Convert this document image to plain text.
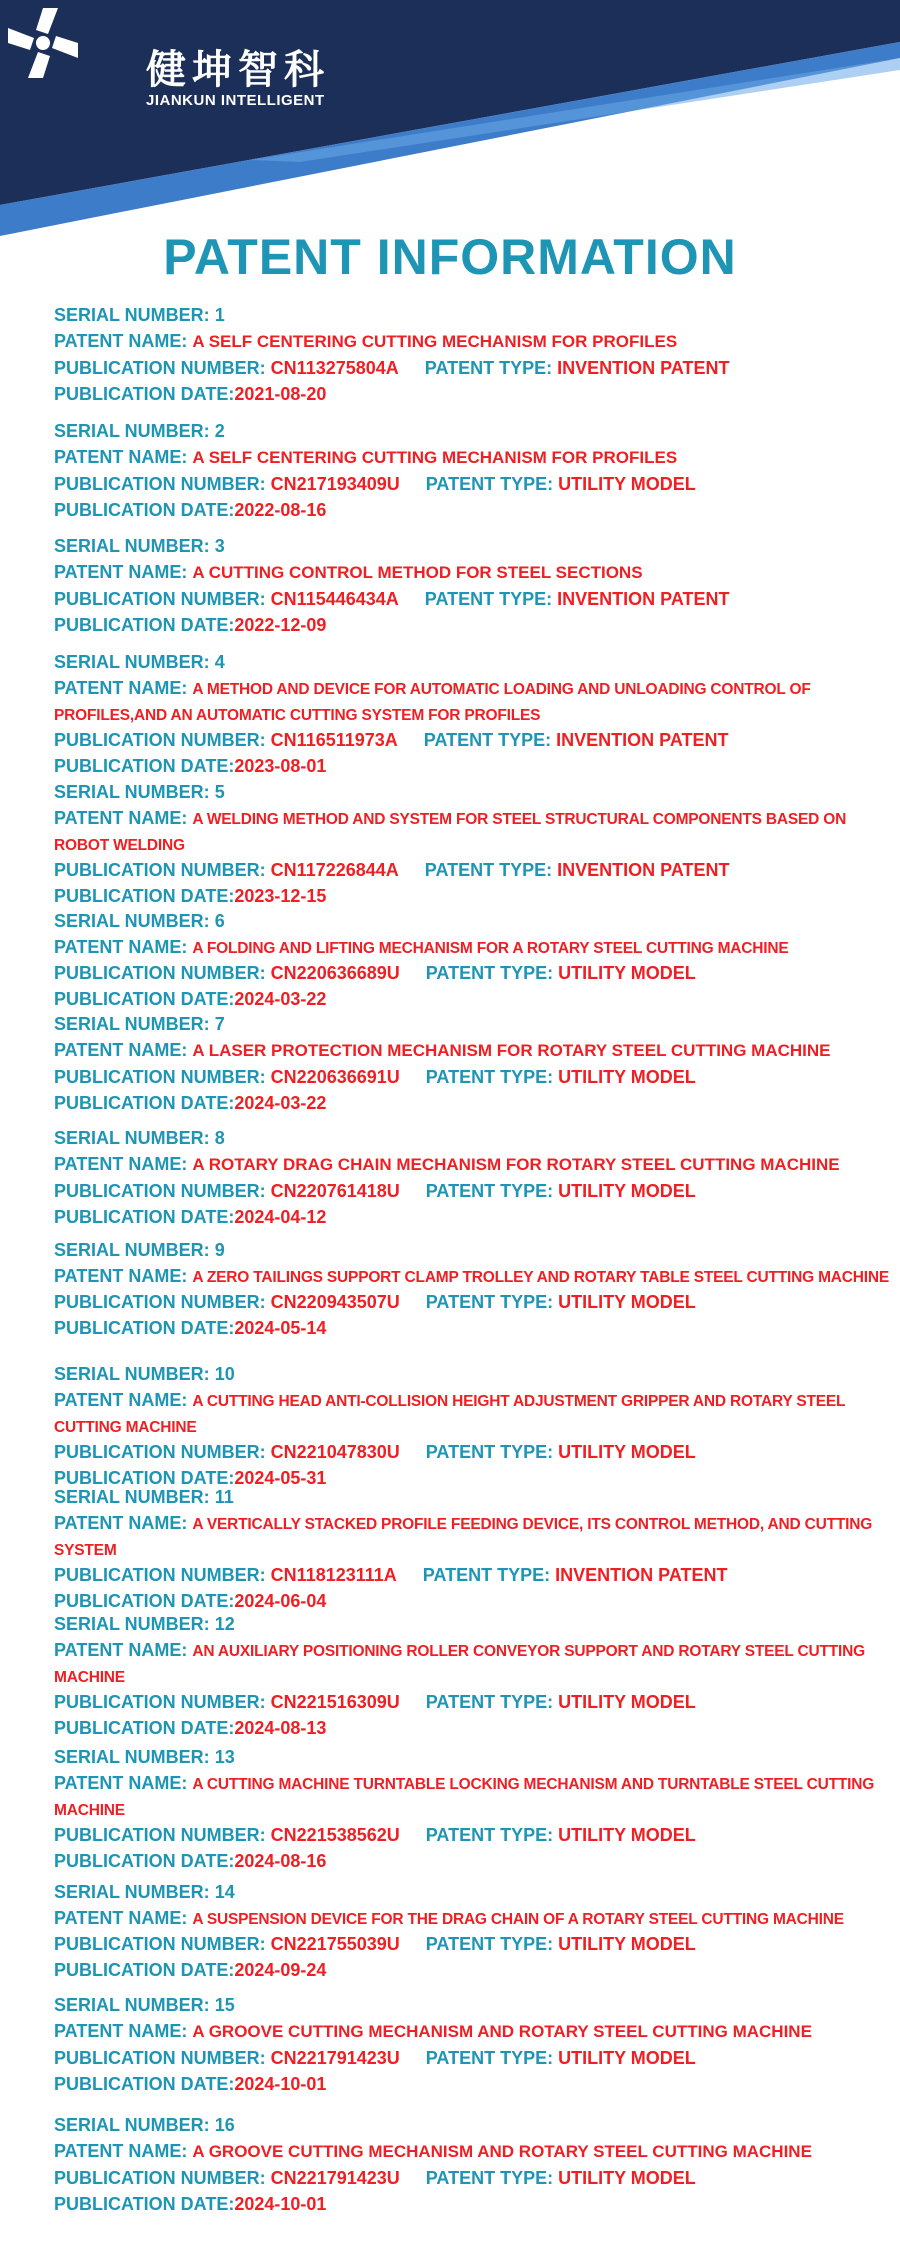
健坤智科
JIANKUN INTELLIGENT
PATENT INFORMATION
SERIAL NUMBER: 1
PATENT NAME: A SELF CENTERING CUTTING MECHANISM FOR PROFILES
PUBLICATION NUMBER: CN113275804A PATENT TYPE: INVENTION PATENT
PUBLICATION DATE:2021-08-20
SERIAL NUMBER: 2
PATENT NAME: A SELF CENTERING CUTTING MECHANISM FOR PROFILES
PUBLICATION NUMBER: CN217193409U PATENT TYPE: UTILITY MODEL
PUBLICATION DATE:2022-08-16
SERIAL NUMBER: 3
PATENT NAME: A CUTTING CONTROL METHOD FOR STEEL SECTIONS
PUBLICATION NUMBER: CN115446434A PATENT TYPE: INVENTION PATENT
PUBLICATION DATE:2022-12-09
SERIAL NUMBER: 4
PATENT NAME: A METHOD AND DEVICE FOR AUTOMATIC LOADING AND UNLOADING CONTROL OF PROFILES,AND AN AUTOMATIC CUTTING SYSTEM FOR PROFILES
PUBLICATION NUMBER: CN116511973A PATENT TYPE: INVENTION PATENT
PUBLICATION DATE:2023-08-01
SERIAL NUMBER: 5
PATENT NAME: A WELDING METHOD AND SYSTEM FOR STEEL STRUCTURAL COMPONENTS BASED ON ROBOT WELDING
PUBLICATION NUMBER: CN117226844A PATENT TYPE: INVENTION PATENT
PUBLICATION DATE:2023-12-15
SERIAL NUMBER: 6
PATENT NAME: A FOLDING AND LIFTING MECHANISM FOR A ROTARY STEEL CUTTING MACHINE
PUBLICATION NUMBER: CN220636689U PATENT TYPE: UTILITY MODEL
PUBLICATION DATE:2024-03-22
SERIAL NUMBER: 7
PATENT NAME: A LASER PROTECTION MECHANISM FOR ROTARY STEEL CUTTING MACHINE
PUBLICATION NUMBER: CN220636691U PATENT TYPE: UTILITY MODEL
PUBLICATION DATE:2024-03-22
SERIAL NUMBER: 8
PATENT NAME: A ROTARY DRAG CHAIN MECHANISM FOR ROTARY STEEL CUTTING MACHINE
PUBLICATION NUMBER: CN220761418U PATENT TYPE: UTILITY MODEL
PUBLICATION DATE:2024-04-12
SERIAL NUMBER: 9
PATENT NAME: A ZERO TAILINGS SUPPORT CLAMP TROLLEY AND ROTARY TABLE STEEL CUTTING MACHINE
PUBLICATION NUMBER: CN220943507U PATENT TYPE: UTILITY MODEL
PUBLICATION DATE:2024-05-14
SERIAL NUMBER: 10
PATENT NAME: A CUTTING HEAD ANTI-COLLISION HEIGHT ADJUSTMENT GRIPPER AND ROTARY STEEL CUTTING MACHINE
PUBLICATION NUMBER: CN221047830U PATENT TYPE: UTILITY MODEL
PUBLICATION DATE:2024-05-31
SERIAL NUMBER: 11
PATENT NAME: A VERTICALLY STACKED PROFILE FEEDING DEVICE, ITS CONTROL METHOD, AND CUTTING SYSTEM
PUBLICATION NUMBER: CN118123111A PATENT TYPE: INVENTION PATENT
PUBLICATION DATE:2024-06-04
SERIAL NUMBER: 12
PATENT NAME: AN AUXILIARY POSITIONING ROLLER CONVEYOR SUPPORT AND ROTARY STEEL CUTTING MACHINE
PUBLICATION NUMBER: CN221516309U PATENT TYPE: UTILITY MODEL
PUBLICATION DATE:2024-08-13
SERIAL NUMBER: 13
PATENT NAME: A CUTTING MACHINE TURNTABLE LOCKING MECHANISM AND TURNTABLE STEEL CUTTING MACHINE
PUBLICATION NUMBER: CN221538562U PATENT TYPE: UTILITY MODEL
PUBLICATION DATE:2024-08-16
SERIAL NUMBER: 14
PATENT NAME: A SUSPENSION DEVICE FOR THE DRAG CHAIN OF A ROTARY STEEL CUTTING MACHINE
PUBLICATION NUMBER: CN221755039U PATENT TYPE: UTILITY MODEL
PUBLICATION DATE:2024-09-24
SERIAL NUMBER: 15
PATENT NAME: A GROOVE CUTTING MECHANISM AND ROTARY STEEL CUTTING MACHINE
PUBLICATION NUMBER: CN221791423U PATENT TYPE: UTILITY MODEL
PUBLICATION DATE:2024-10-01
SERIAL NUMBER: 16
PATENT NAME: A GROOVE CUTTING MECHANISM AND ROTARY STEEL CUTTING MACHINE
PUBLICATION NUMBER: CN221791423U PATENT TYPE: UTILITY MODEL
PUBLICATION DATE:2024-10-01
